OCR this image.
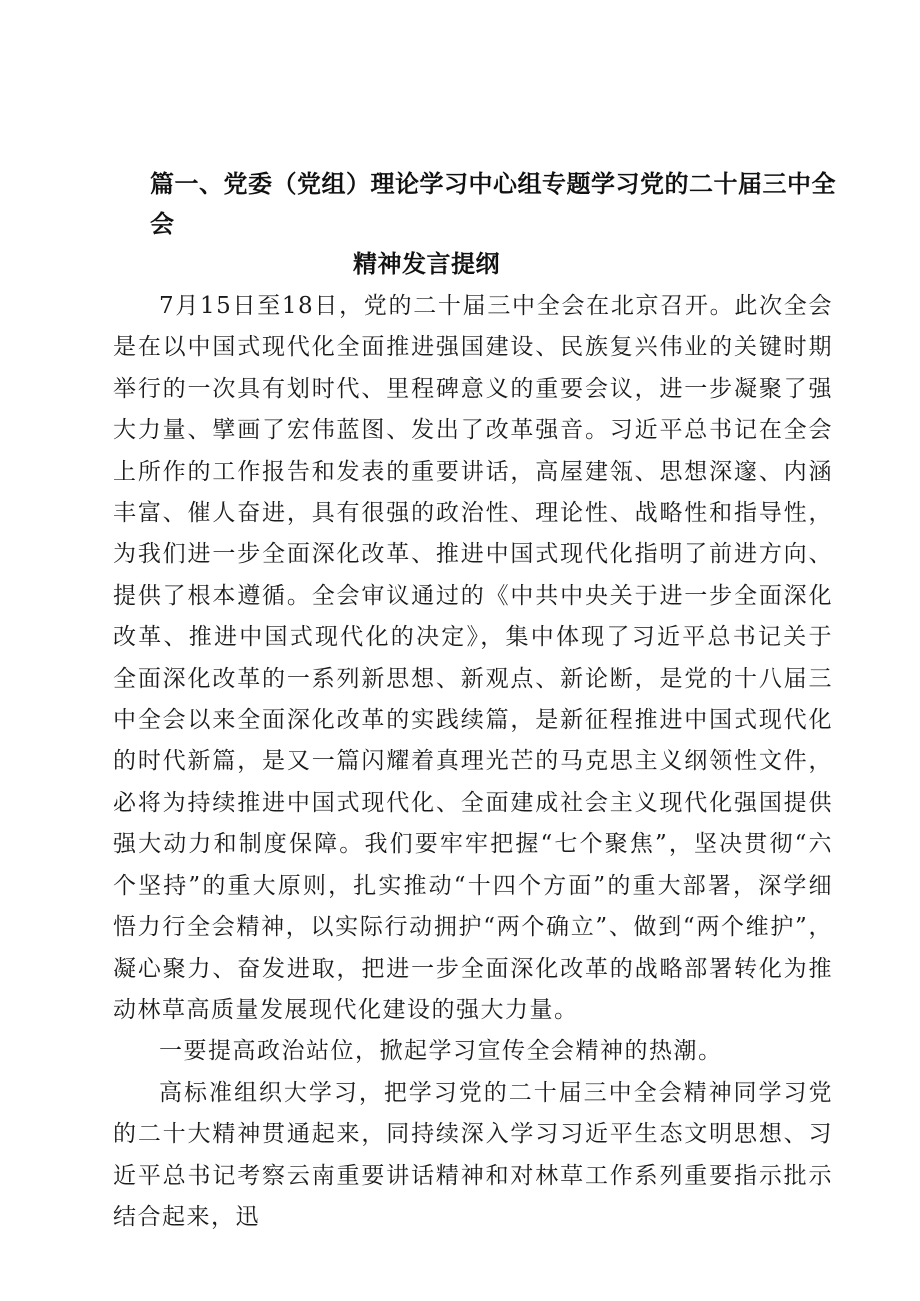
篇一、党委（党组）理论学习中心组专题学习党的二十届三中全会
精神发言提纲

7月15日至18日，党的二十届三中全会在北京召开。此次全会是在以中国式现代化全面推进强国建设、民族复兴伟业的关键时期举行的一次具有划时代、里程碑意义的重要会议，进一步凝聚了强大力量、擘画了宏伟蓝图、发出了改革强音。习近平总书记在全会上所作的工作报告和发表的重要讲话，高屋建瓴、思想深邃、内涵丰富、催人奋进，具有很强的政治性、理论性、战略性和指导性，为我们进一步全面深化改革、推进中国式现代化指明了前进方向、提供了根本遵循。全会审议通过的《中共中央关于进一步全面深化改革、推进中国式现代化的决定》，集中体现了习近平总书记关于全面深化改革的一系列新思想、新观点、新论断，是党的十八届三中全会以来全面深化改革的实践续篇，是新征程推进中国式现代化的时代新篇，是又一篇闪耀着真理光芒的马克思主义纲领性文件，必将为持续推进中国式现代化、全面建成社会主义现代化强国提供强大动力和制度保障。我们要牢牢把握“七个聚焦”，坚决贯彻“六个坚持”的重大原则，扎实推动“十四个方面”的重大部署，深学细悟力行全会精神，以实际行动拥护“两个确立”、做到“两个维护”，凝心聚力、奋发进取，把进一步全面深化改革的战略部署转化为推动林草高质量发展现代化建设的强大力量。

一要提高政治站位，掀起学习宣传全会精神的热潮。

高标准组织大学习，把学习党的二十届三中全会精神同学习党的二十大精神贯通起来，同持续深入学习习近平生态文明思想、习近平总书记考察云南重要讲话精神和对林草工作系列重要指示批示结合起来，迅
